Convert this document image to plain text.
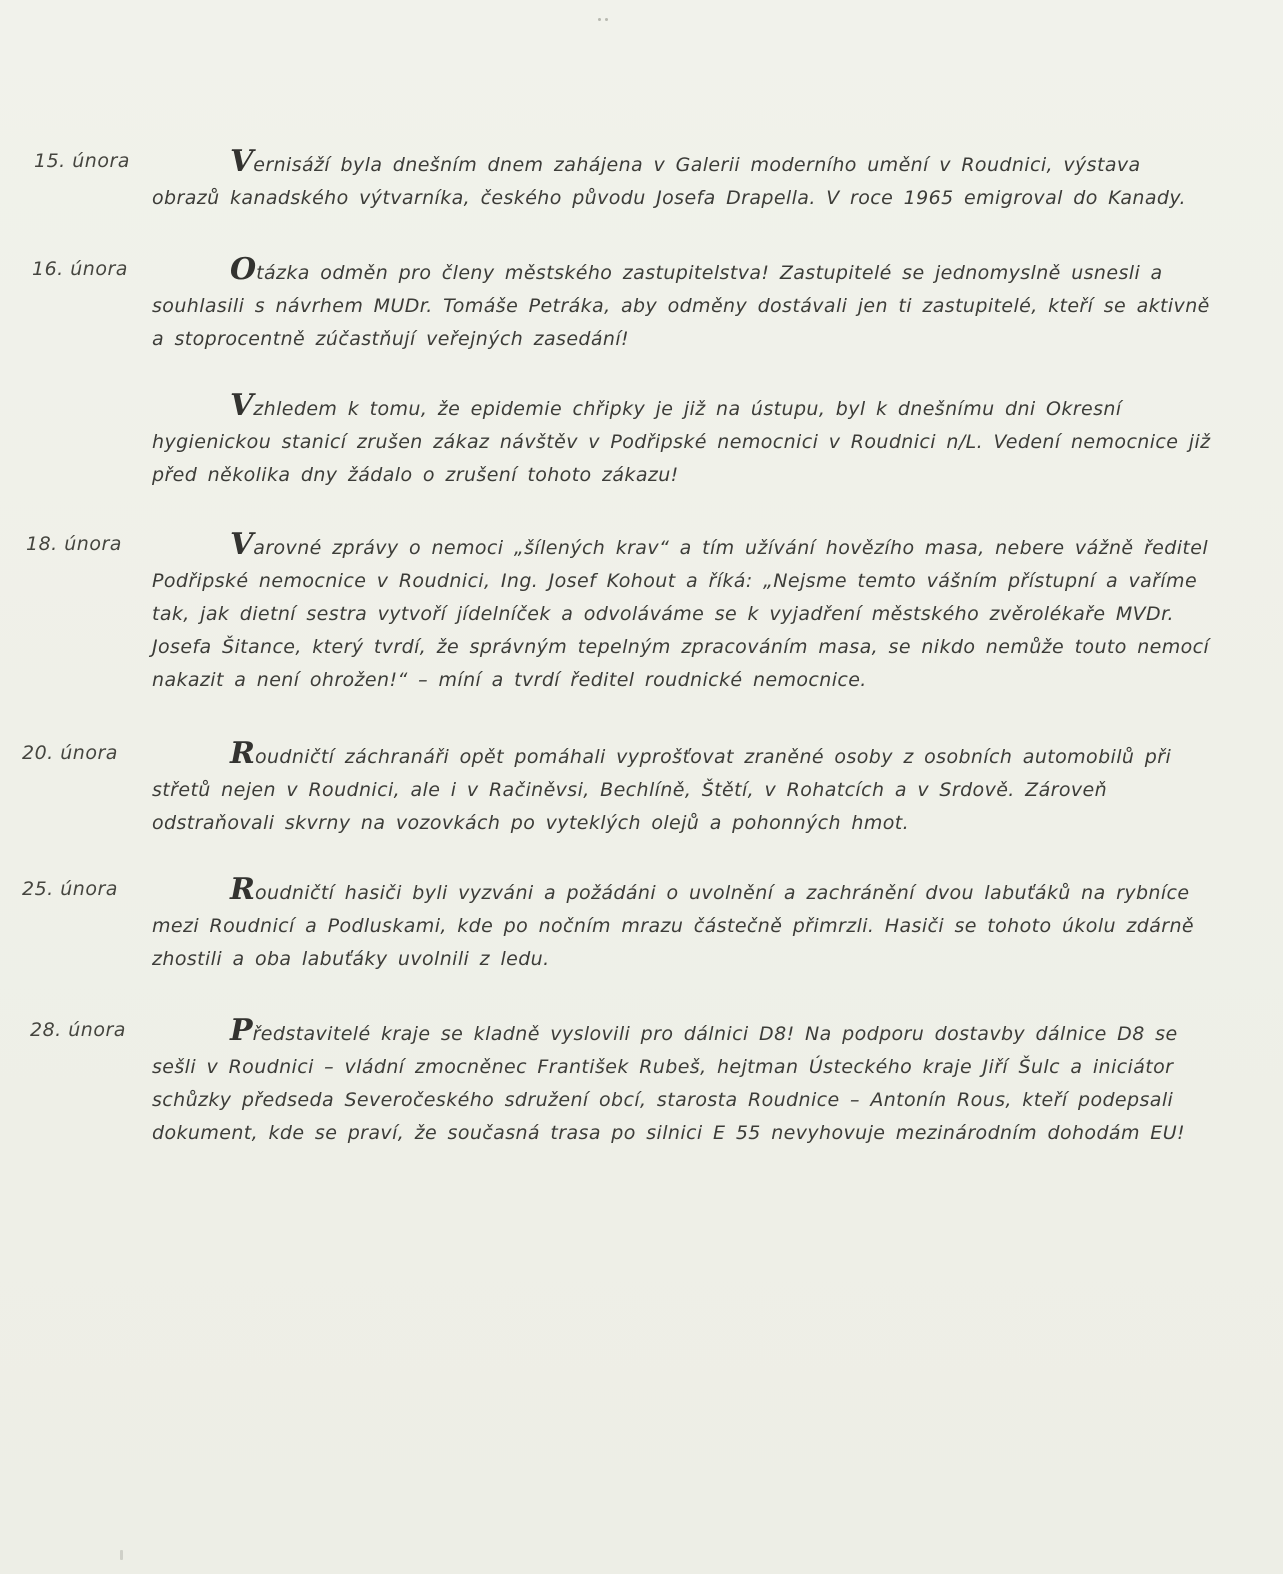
15. února	Vernisáží byla dnešním dnem zahájena v Galerii moderního umění v Roudnici, výstava obrazů kanadského výtvarníka, českého původu Josefa Drapella. V roce 1965 emigroval do Kanady.
16. února	Otázka odměn pro členy městského zastupitelstva! Zastupitelé se jednomyslně usnesli a souhlasili s návrhem MUDr. Tomáše Petráka, aby odměny dostávali jen ti zastupitelé, kteří se aktivně a stoprocentně zúčastňují veřejných zasedání!
Vzhledem k tomu, že epidemie chřipky je již na ústupu, byl k dnešnímu dni Okresní hygienickou stanicí zrušen zákaz návštěv v Podřipské nemocnici v Roudnici n/L. Vedení nemocnice již před několika dny žádalo o zrušení tohoto zákazu!
18. února	Varovné zprávy o nemoci „šílených krav“ a tím užívání hovězího masa, nebere vážně ředitel Podřipské nemocnice v Roudnici, Ing. Josef Kohout a říká: „Nejsme temto vášním přístupní a vaříme tak, jak dietní sestra vytvoří jídelníček a odvoláváme se k vyjadření městského zvěrolékaře MVDr. Josefa Šitance, který tvrdí, že správným tepelným zpracováním masa, se nikdo nemůže touto nemocí nakazit a není ohrožen!“ – míní a tvrdí ředitel roudnické nemocnice.
20. února	Roudničtí záchranáři opět pomáhali vyprošťovat zraněné osoby z osobních automobilů při střetů nejen v Roudnici, ale i v Račiněvsi, Bechlíně, Štětí, v Rohatcích a v Srdově. Zároveň odstraňovali skvrny na vozovkách po vyteklých olejů a pohonných hmot.
25. února	Roudničtí hasiči byli vyzváni a požádáni o uvolnění a zachránění dvou labuťáků na rybníce mezi Roudnicí a Podluskami, kde po nočním mrazu částečně přimrzli. Hasiči se tohoto úkolu zdárně zhostili a oba labuťáky uvolnili z ledu.
28. února	Představitelé kraje se kladně vyslovili pro dálnici D8! Na podporu dostavby dálnice D8 se sešli v Roudnici – vládní zmocněnec František Rubeš, hejtman Ústeckého kraje Jiří Šulc a iniciátor schůzky předseda Severočeského sdružení obcí, starosta Roudnice – Antonín Rous, kteří podepsali dokument, kde se praví, že současná trasa po silnici E 55 nevyhovuje mezinárodním dohodám EU!
